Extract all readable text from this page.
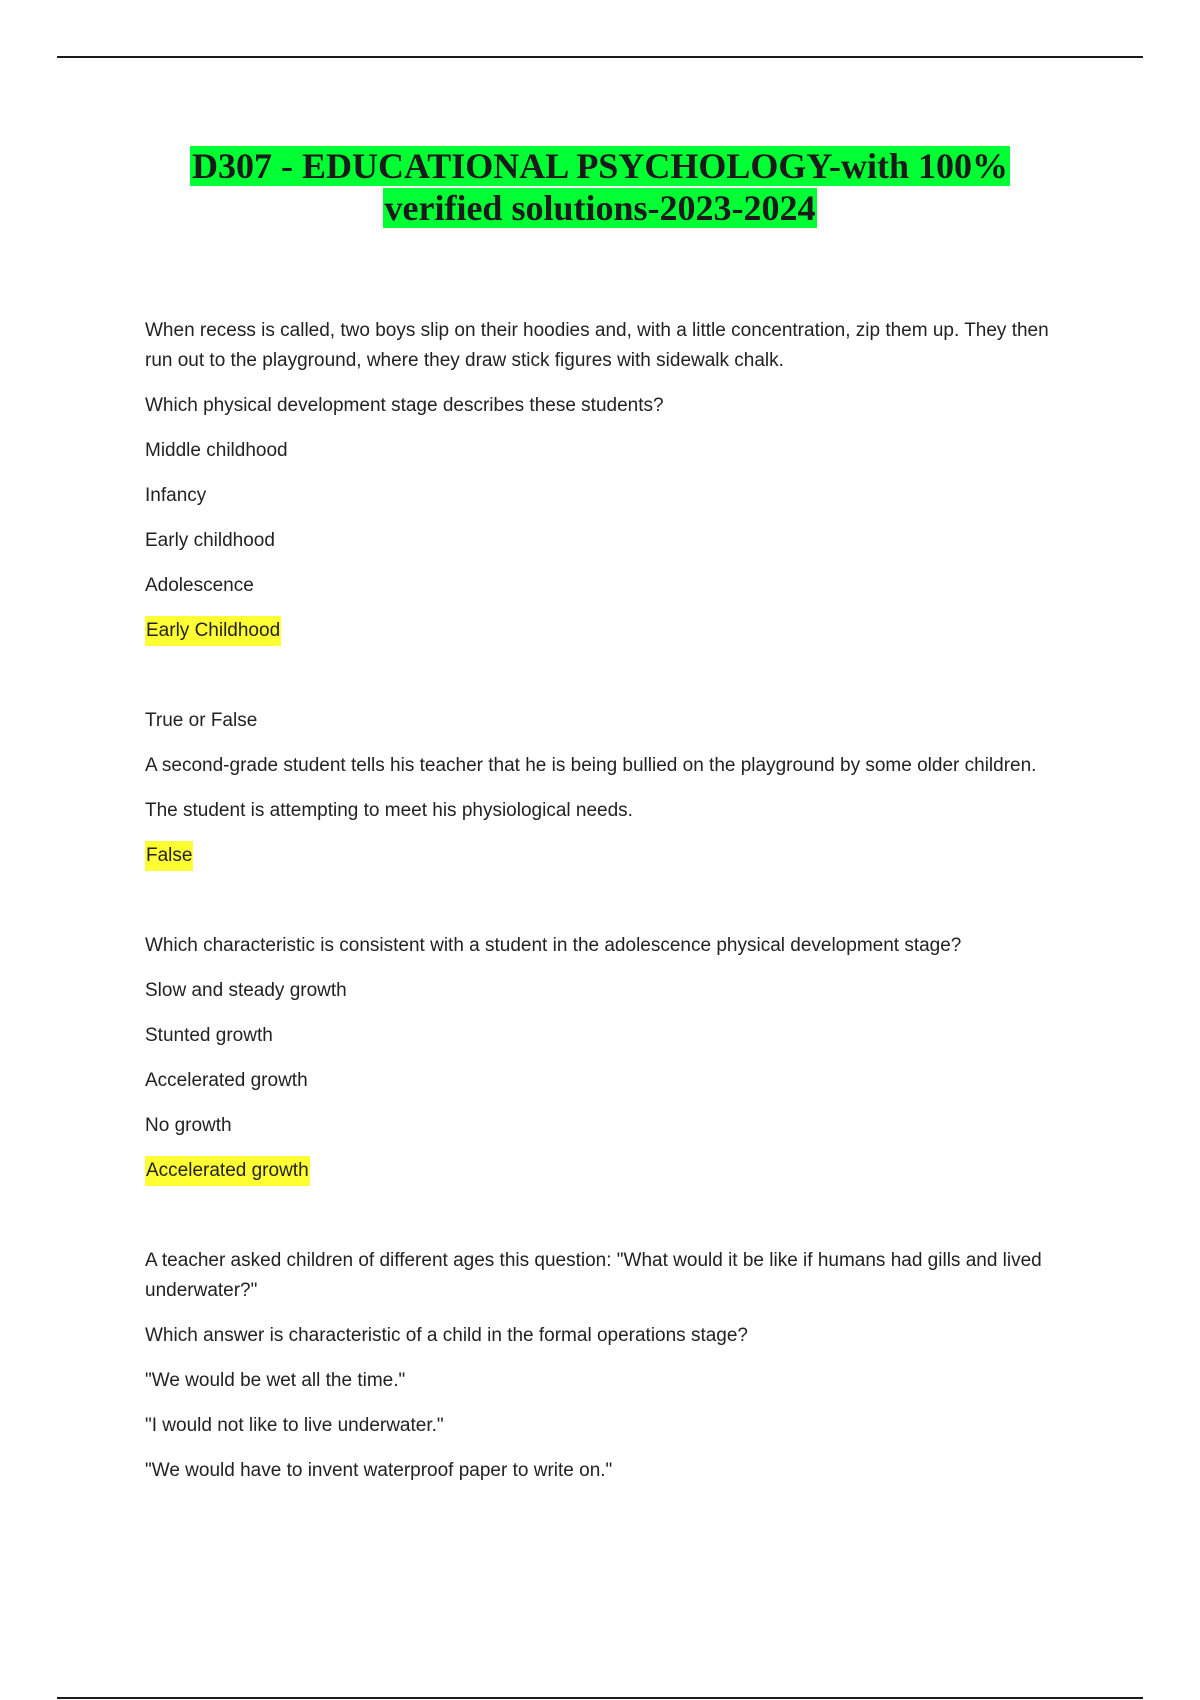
D307 - EDUCATIONAL PSYCHOLOGY-with 100%
verified solutions-2023-2024

When recess is called, two boys slip on their hoodies and, with a little concentration, zip them up. They then run out to the playground, where they draw stick figures with sidewalk chalk.

Which physical development stage describes these students?

Middle childhood

Infancy

Early childhood

Adolescence

Early Childhood

True or False

A second-grade student tells his teacher that he is being bullied on the playground by some older children.

The student is attempting to meet his physiological needs.

False

Which characteristic is consistent with a student in the adolescence physical development stage?

Slow and steady growth

Stunted growth

Accelerated growth

No growth

Accelerated growth

A teacher asked children of different ages this question: "What would it be like if humans had gills and lived underwater?"

Which answer is characteristic of a child in the formal operations stage?

"We would be wet all the time."

"I would not like to live underwater."

"We would have to invent waterproof paper to write on."
